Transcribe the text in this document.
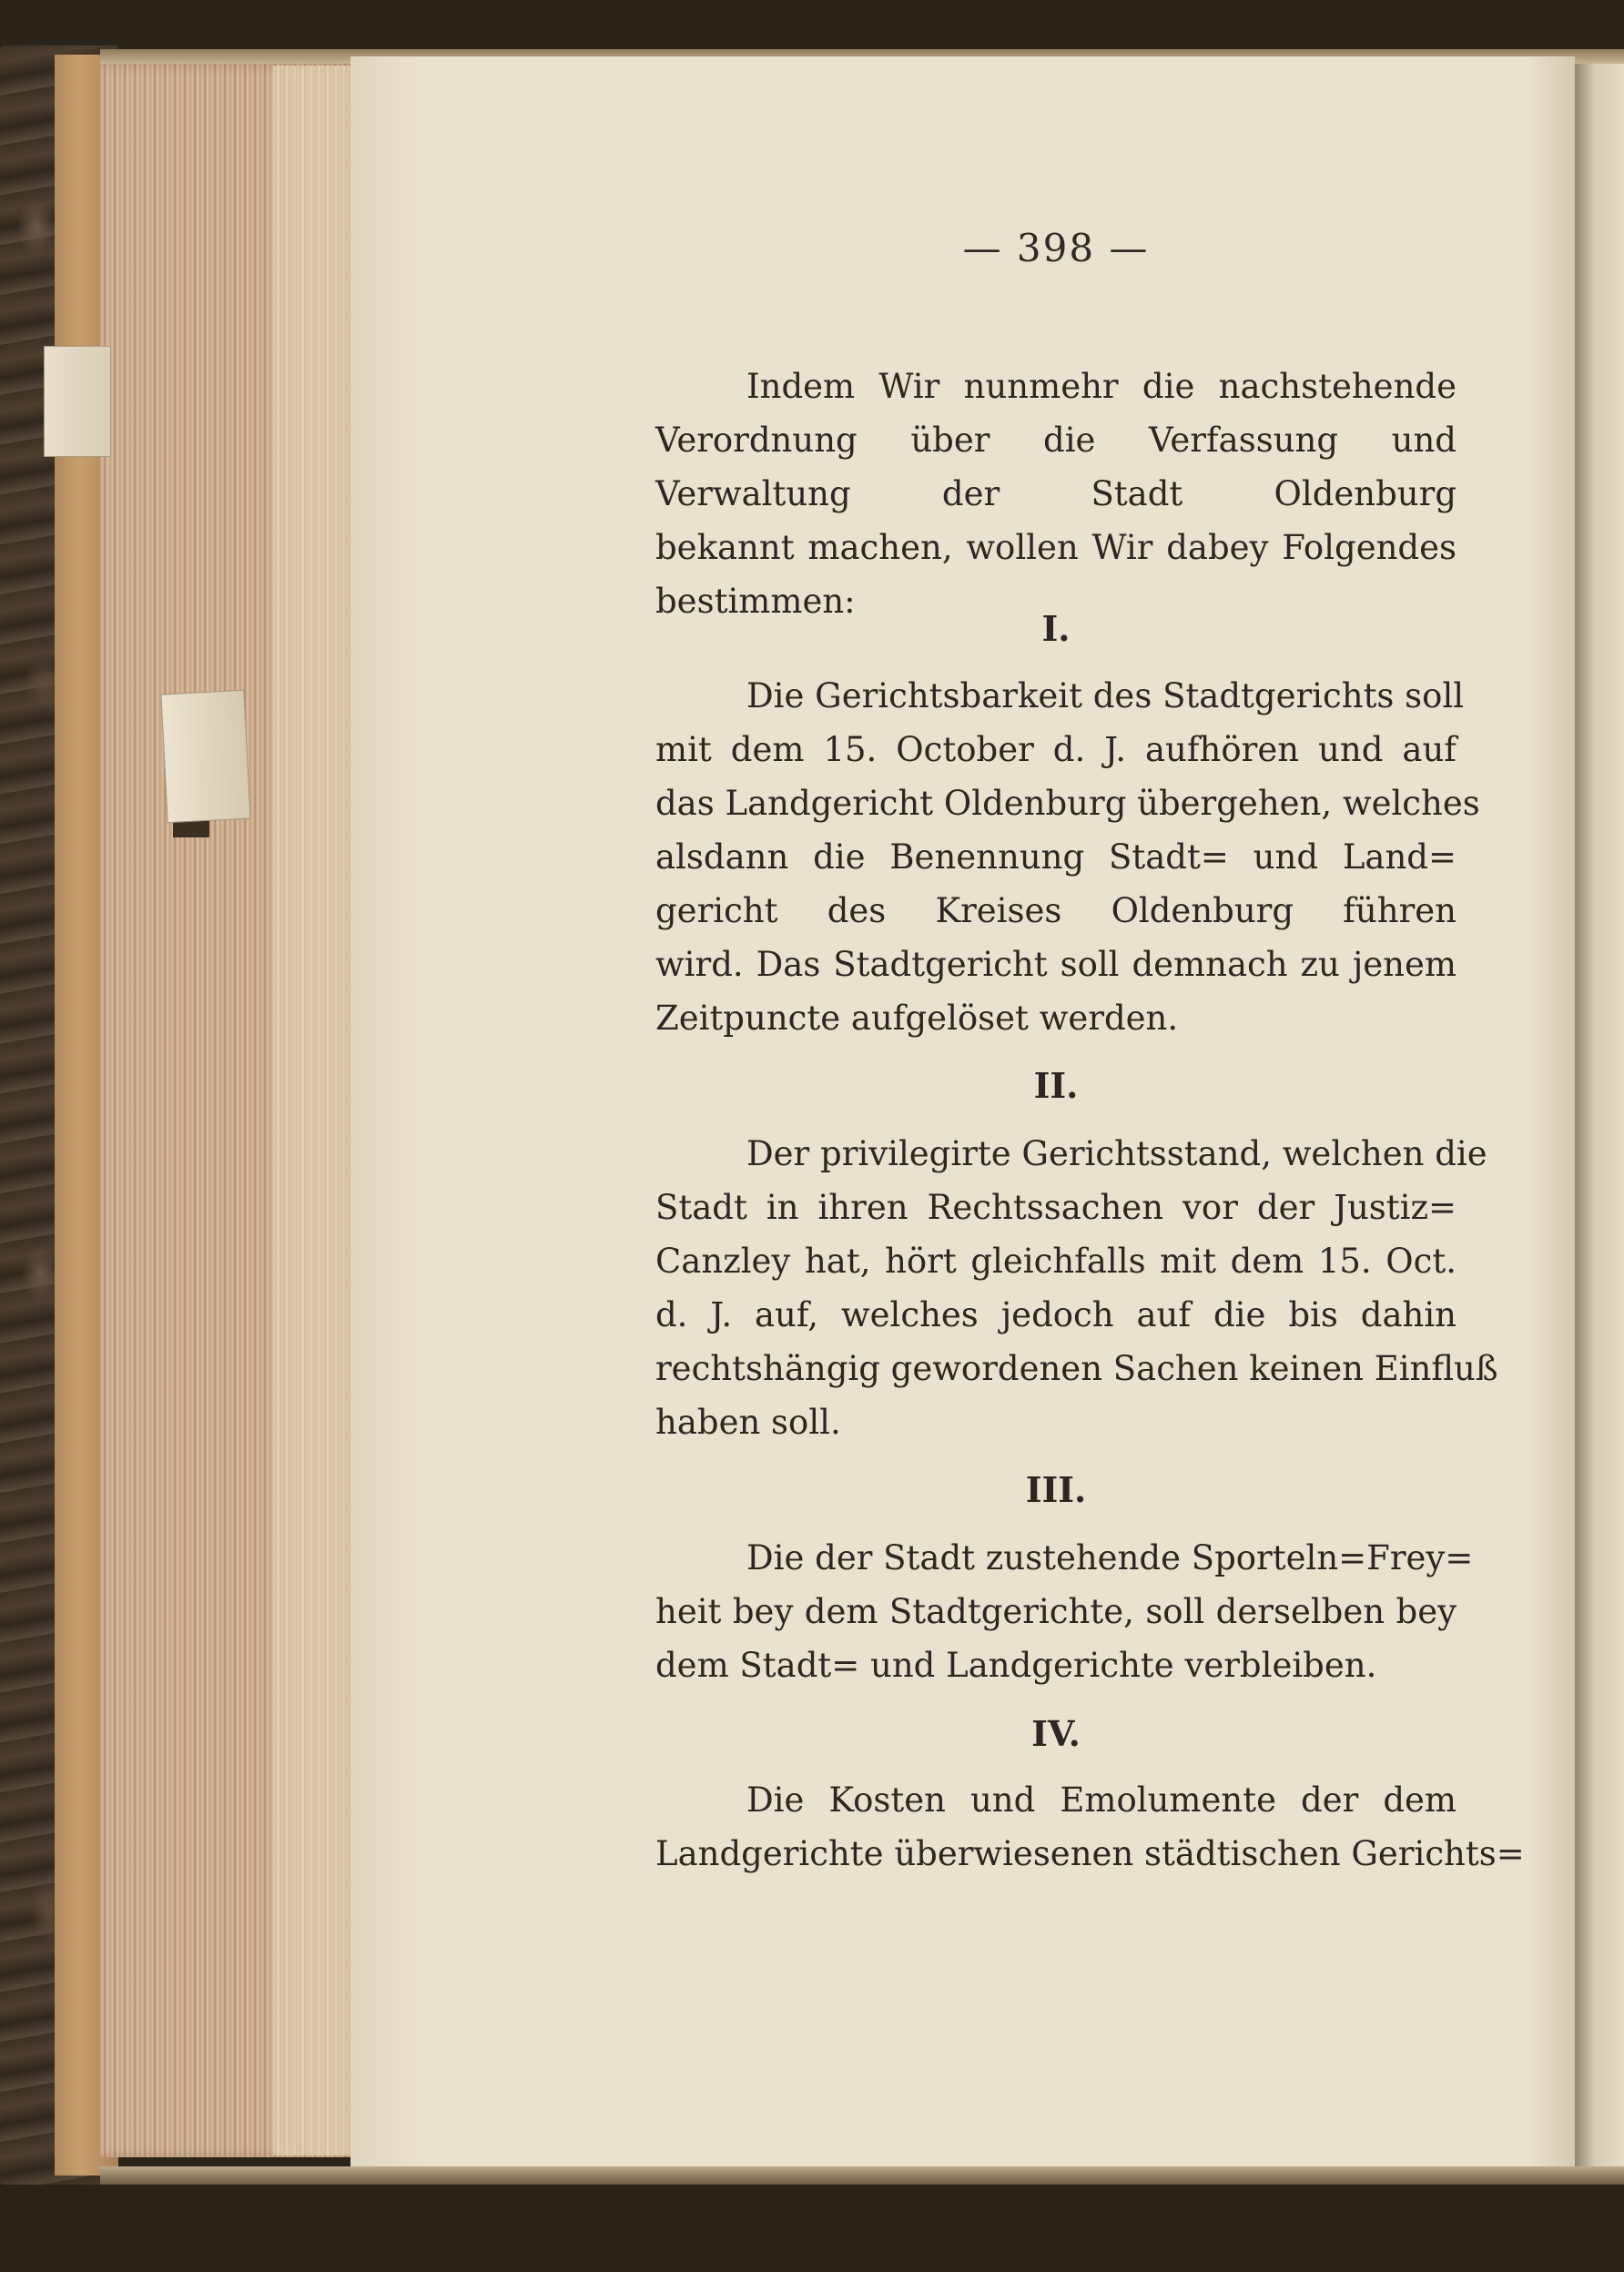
— 398 —
Indem Wir nunmehr die nachstehende
Verordnung über die Verfassung und
Verwaltung der Stadt Oldenburg
bekannt machen, wollen Wir dabey Folgendes
bestimmen:
I.
Die Gerichtsbarkeit des Stadtgerichts soll
mit dem 15. October d. J. aufhören und auf
das Landgericht Oldenburg übergehen, welches
alsdann die Benennung Stadt= und Land=
gericht des Kreises Oldenburg führen
wird. Das Stadtgericht soll demnach zu jenem
Zeitpuncte aufgelöset werden.
II.
Der privilegirte Gerichtsstand, welchen die
Stadt in ihren Rechtssachen vor der Justiz=
Canzley hat, hört gleichfalls mit dem 15. Oct.
d. J. auf, welches jedoch auf die bis dahin
rechtshängig gewordenen Sachen keinen Einfluß
haben soll.
III.
Die der Stadt zustehende Sporteln=Frey=
heit bey dem Stadtgerichte, soll derselben bey
dem Stadt= und Landgerichte verbleiben.
IV.
Die Kosten und Emolumente der dem
Landgerichte überwiesenen städtischen Gerichts=
